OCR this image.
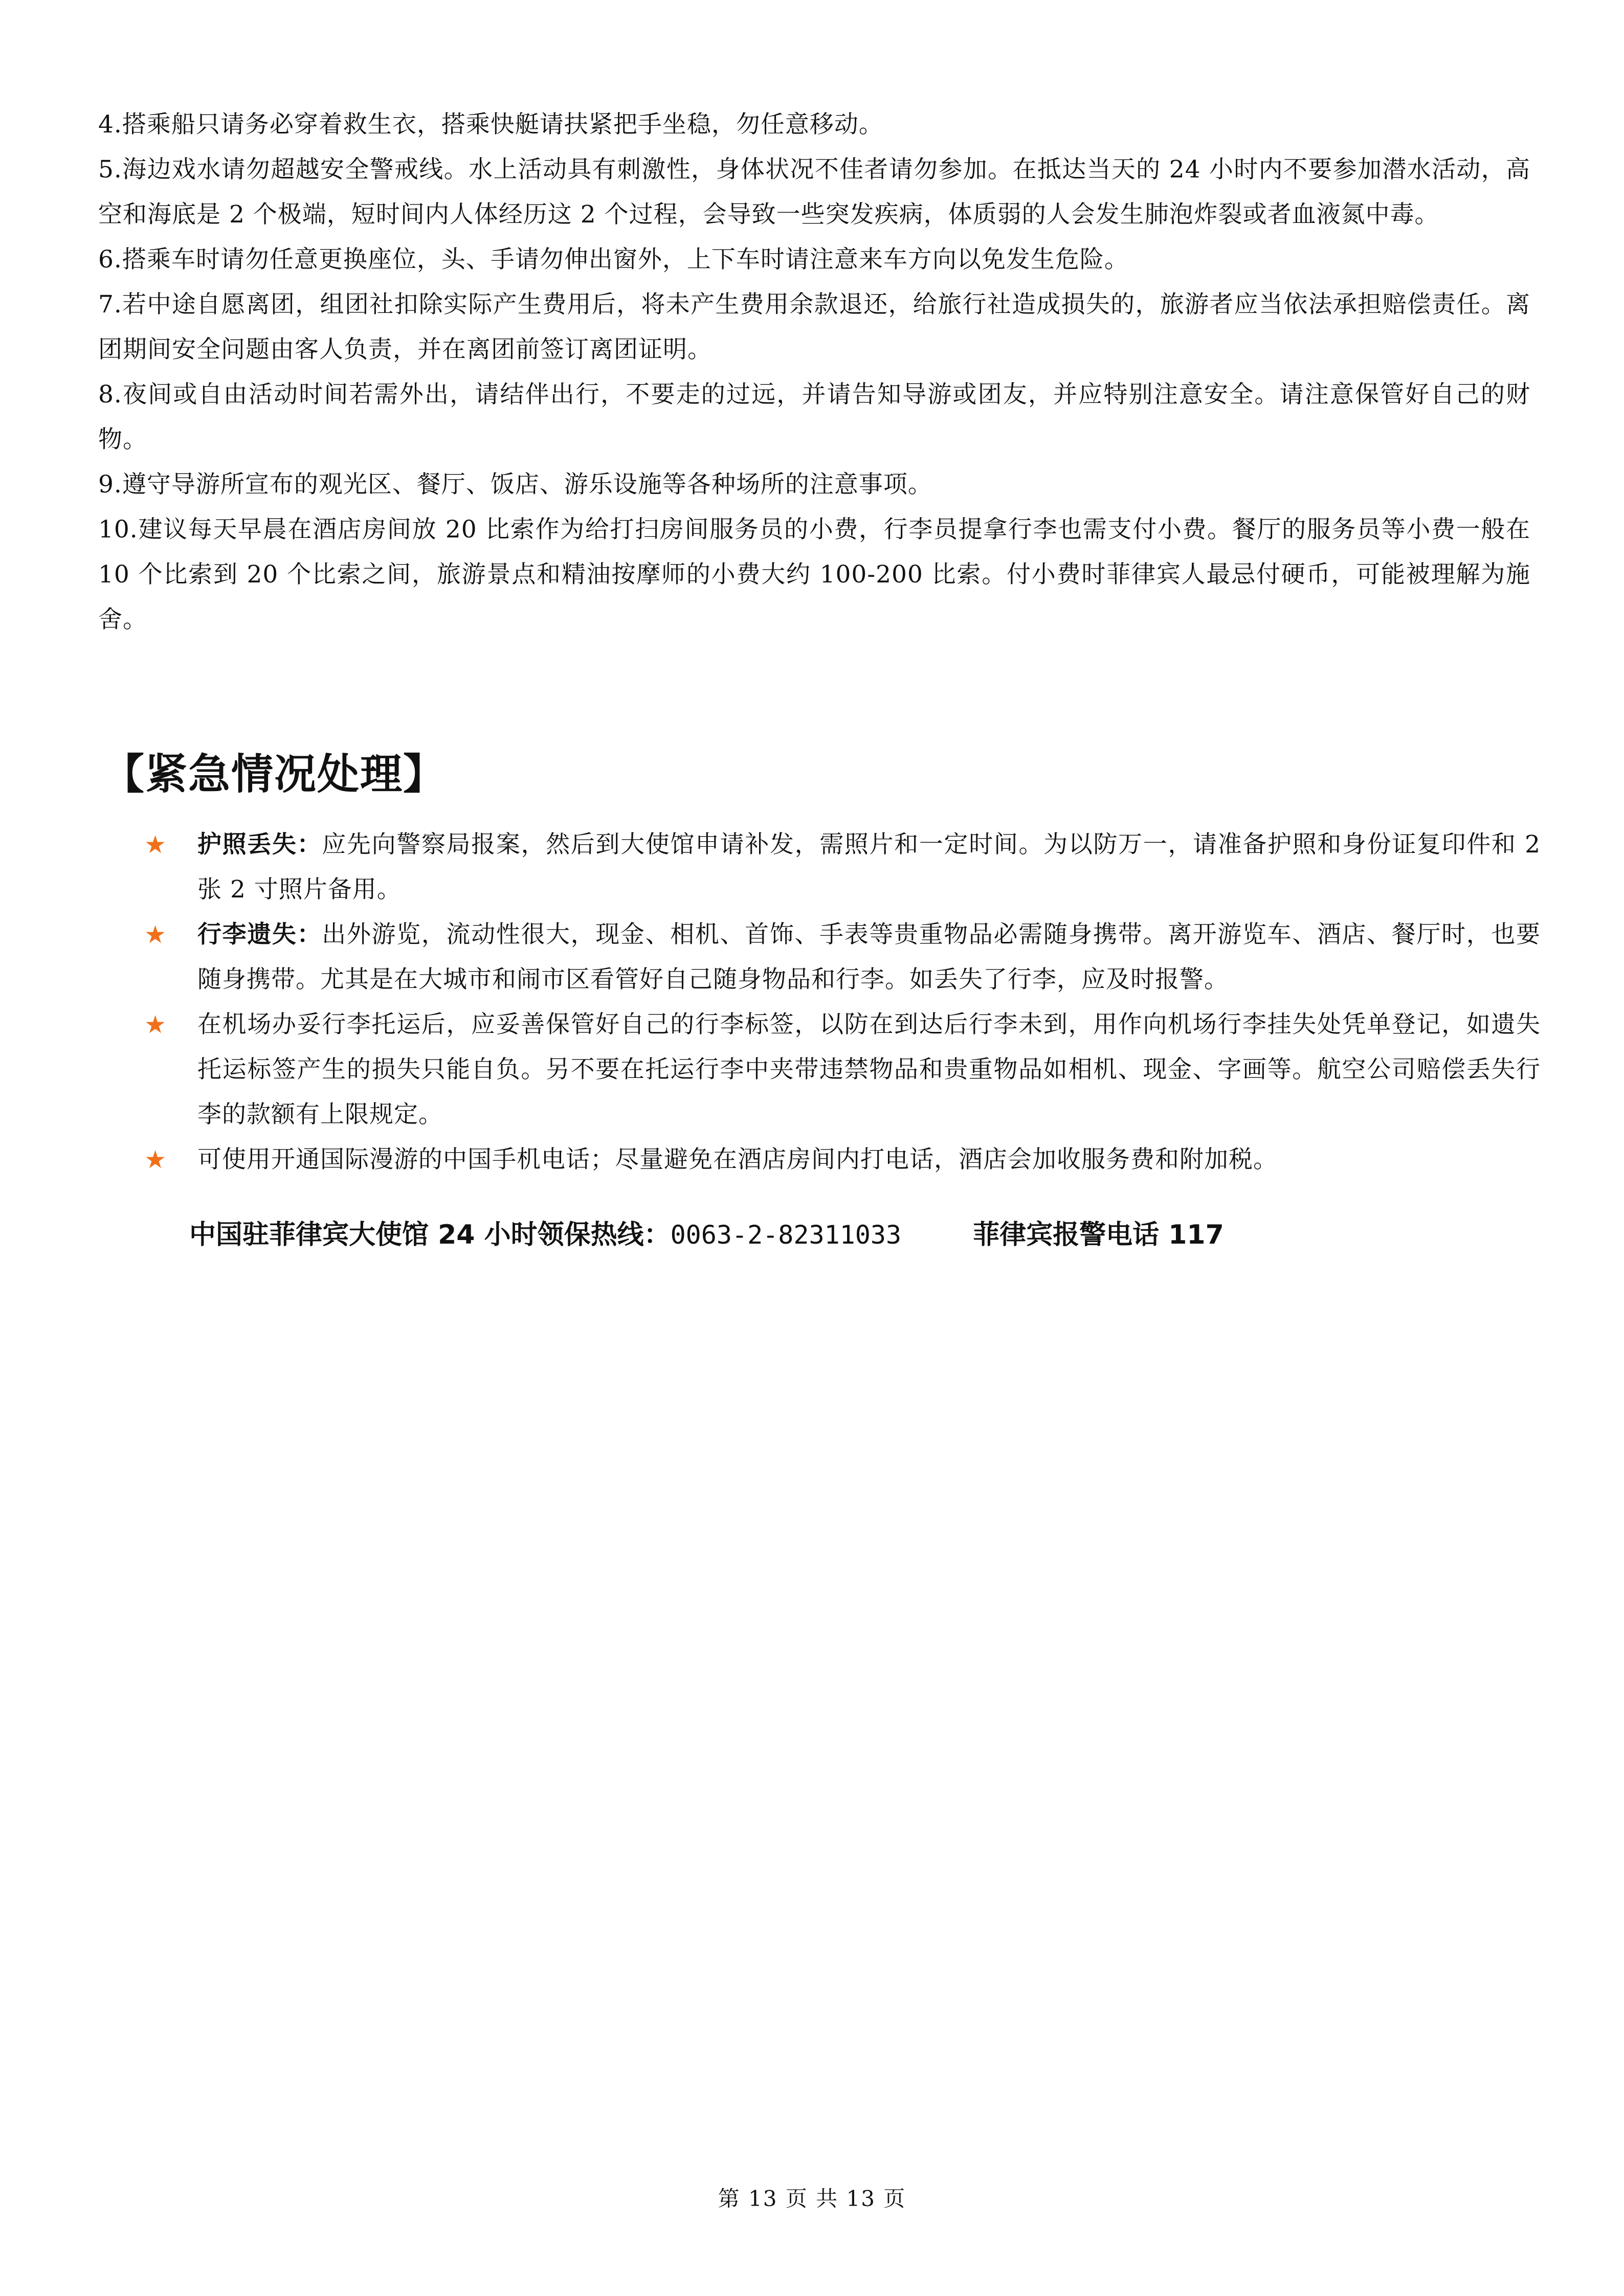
4.搭乘船只请务必穿着救生衣，搭乘快艇请扶紧把手坐稳，勿任意移动。

5.海边戏水请勿超越安全警戒线。水上活动具有刺激性，身体状况不佳者请勿参加。在抵达当天的 24 小时内不要参加潜水活动，高空和海底是 2 个极端，短时间内人体经历这 2 个过程，会导致一些突发疾病，体质弱的人会发生肺泡炸裂或者血液氮中毒。

6.搭乘车时请勿任意更换座位，头、手请勿伸出窗外，上下车时请注意来车方向以免发生危险。

7.若中途自愿离团，组团社扣除实际产生费用后，将未产生费用余款退还，给旅行社造成损失的，旅游者应当依法承担赔偿责任。离团期间安全问题由客人负责，并在离团前签订离团证明。

8.夜间或自由活动时间若需外出，请结伴出行，不要走的过远，并请告知导游或团友，并应特别注意安全。请注意保管好自己的财物。

9.遵守导游所宣布的观光区、餐厅、饭店、游乐设施等各种场所的注意事项。

10.建议每天早晨在酒店房间放 20 比索作为给打扫房间服务员的小费，行李员提拿行李也需支付小费。餐厅的服务员等小费一般在 10 个比索到 20 个比索之间，旅游景点和精油按摩师的小费大约 100-200 比索。付小费时菲律宾人最忌付硬币，可能被理解为施舍。

【紧急情况处理】
★ 护照丢失：应先向警察局报案，然后到大使馆申请补发，需照片和一定时间。为以防万一，请准备护照和身份证复印件和 2 张 2 寸照片备用。
★ 行李遗失：出外游览，流动性很大，现金、相机、首饰、手表等贵重物品必需随身携带。离开游览车、酒店、餐厅时，也要随身携带。尤其是在大城市和闹市区看管好自己随身物品和行李。如丢失了行李，应及时报警。
★ 在机场办妥行李托运后，应妥善保管好自己的行李标签，以防在到达后行李未到，用作向机场行李挂失处凭单登记，如遗失托运标签产生的损失只能自负。另不要在托运行李中夹带违禁物品和贵重物品如相机、现金、字画等。航空公司赔偿丢失行李的款额有上限规定。
★ 可使用开通国际漫游的中国手机电话；尽量避免在酒店房间内打电话，酒店会加收服务费和附加税。
中国驻菲律宾大使馆 24 小时领保热线：0063-2-82311033	菲律宾报警电话 117
第 13 页 共 13 页
